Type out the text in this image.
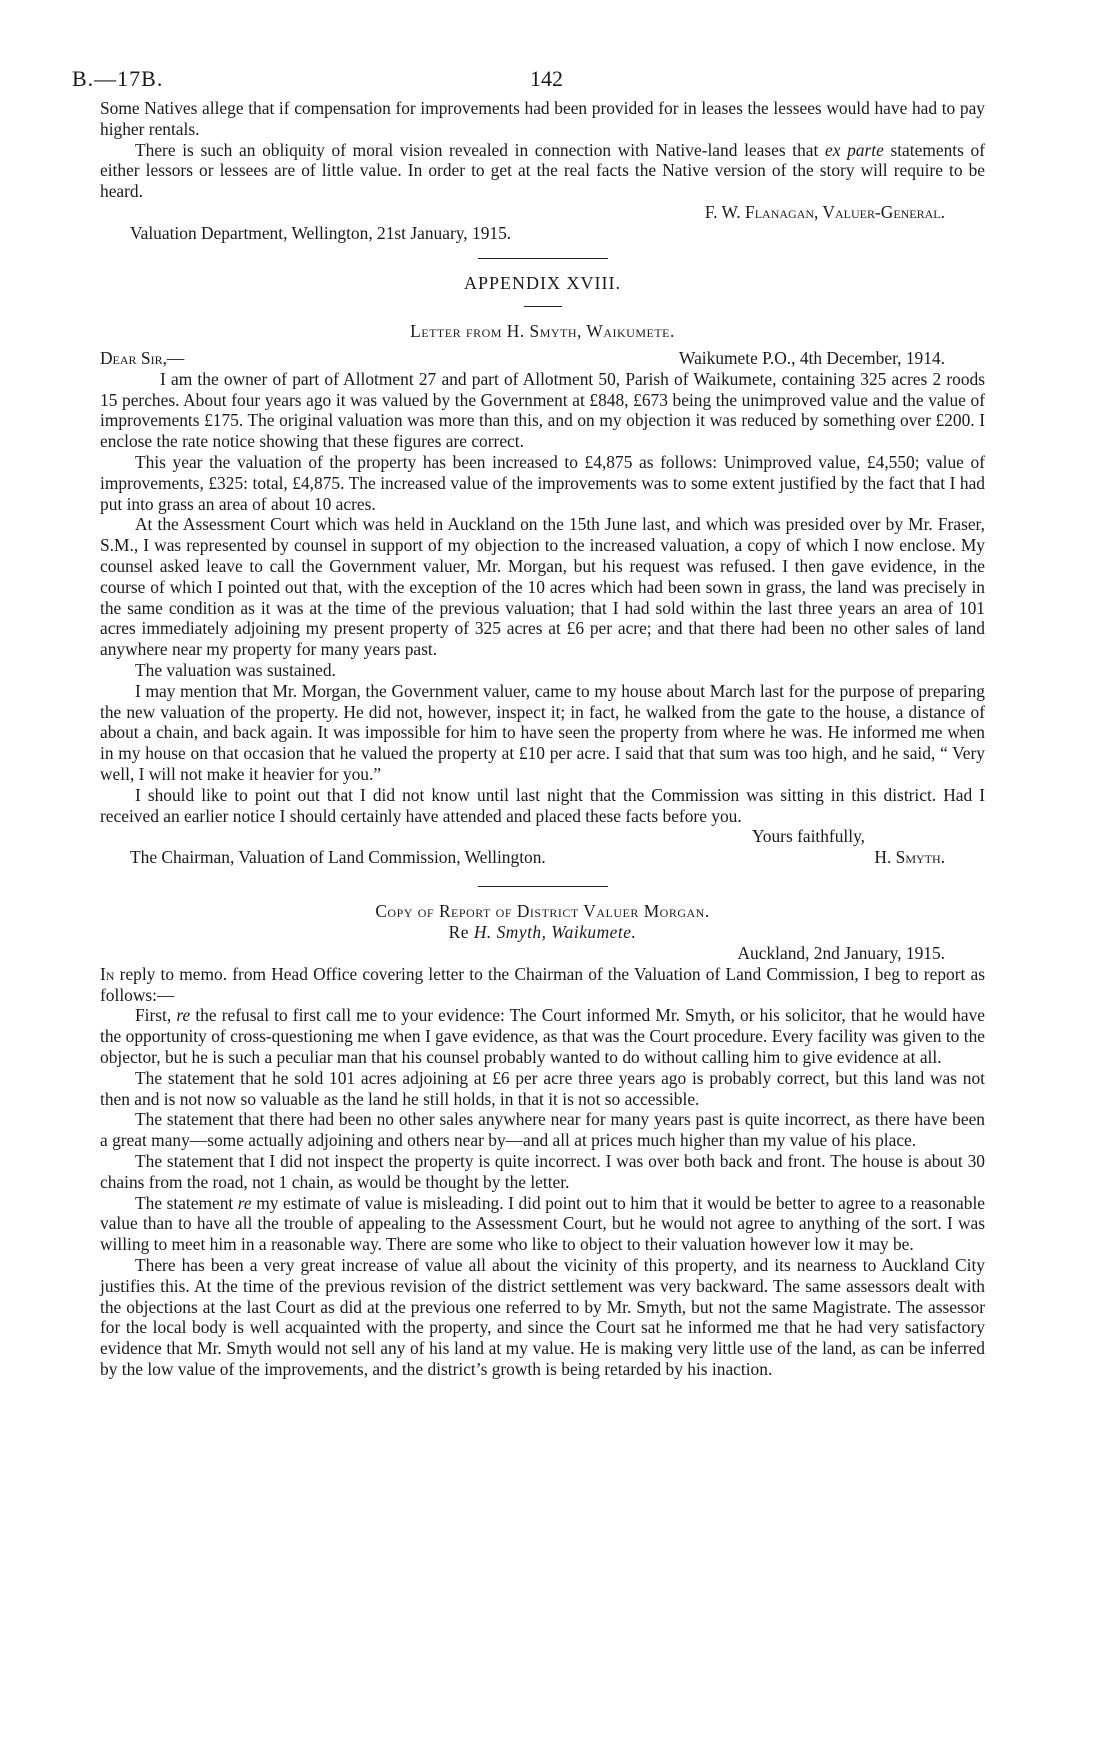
B.—17B.	142

Some Natives allege that if compensation for improvements had been provided for in leases the lessees would have had to pay higher rentals.

There is such an obliquity of moral vision revealed in connection with Native-land leases that ex parte statements of either lessors or lessees are of little value. In order to get at the real facts the Native version of the story will require to be heard.

F. W. Flanagan, Valuer-General.

Valuation Department, Wellington, 21st January, 1915.

APPENDIX XVIII.
Letter from H. Smyth, Waikumete.
Dear Sir,—	Waikumete P.O., 4th December, 1914.

I am the owner of part of Allotment 27 and part of Allotment 50, Parish of Waikumete, containing 325 acres 2 roods 15 perches. About four years ago it was valued by the Government at £848, £673 being the unimproved value and the value of improvements £175. The original valuation was more than this, and on my objection it was reduced by something over £200. I enclose the rate notice showing that these figures are correct.

This year the valuation of the property has been increased to £4,875 as follows: Unimproved value, £4,550; value of improvements, £325: total, £4,875. The increased value of the improvements was to some extent justified by the fact that I had put into grass an area of about 10 acres.

At the Assessment Court which was held in Auckland on the 15th June last, and which was presided over by Mr. Fraser, S.M., I was represented by counsel in support of my objection to the increased valuation, a copy of which I now enclose. My counsel asked leave to call the Government valuer, Mr. Morgan, but his request was refused. I then gave evidence, in the course of which I pointed out that, with the exception of the 10 acres which had been sown in grass, the land was precisely in the same condition as it was at the time of the previous valuation; that I had sold within the last three years an area of 101 acres immediately adjoining my present property of 325 acres at £6 per acre; and that there had been no other sales of land anywhere near my property for many years past.

The valuation was sustained.

I may mention that Mr. Morgan, the Government valuer, came to my house about March last for the purpose of preparing the new valuation of the property. He did not, however, inspect it; in fact, he walked from the gate to the house, a distance of about a chain, and back again. It was impossible for him to have seen the property from where he was. He informed me when in my house on that occasion that he valued the property at £10 per acre. I said that that sum was too high, and he said, “ Very well, I will not make it heavier for you.”

I should like to point out that I did not know until last night that the Commission was sitting in this district. Had I received an earlier notice I should certainly have attended and placed these facts before you.

Yours faithfully,

The Chairman, Valuation of Land Commission, Wellington.	H. Smyth.
Copy of Report of District Valuer Morgan.
Re H. Smyth, Waikumete.

Auckland, 2nd January, 1915.

In reply to memo. from Head Office covering letter to the Chairman of the Valuation of Land Commission, I beg to report as follows:—

First, re the refusal to first call me to your evidence: The Court informed Mr. Smyth, or his solicitor, that he would have the opportunity of cross-questioning me when I gave evidence, as that was the Court procedure. Every facility was given to the objector, but he is such a peculiar man that his counsel probably wanted to do without calling him to give evidence at all.

The statement that he sold 101 acres adjoining at £6 per acre three years ago is probably correct, but this land was not then and is not now so valuable as the land he still holds, in that it is not so accessible.

The statement that there had been no other sales anywhere near for many years past is quite incorrect, as there have been a great many—some actually adjoining and others near by—and all at prices much higher than my value of his place.

The statement that I did not inspect the property is quite incorrect. I was over both back and front. The house is about 30 chains from the road, not 1 chain, as would be thought by the letter.

The statement re my estimate of value is misleading. I did point out to him that it would be better to agree to a reasonable value than to have all the trouble of appealing to the Assessment Court, but he would not agree to anything of the sort. I was willing to meet him in a reasonable way. There are some who like to object to their valuation however low it may be.

There has been a very great increase of value all about the vicinity of this property, and its nearness to Auckland City justifies this. At the time of the previous revision of the district settlement was very backward. The same assessors dealt with the objections at the last Court as did at the previous one referred to by Mr. Smyth, but not the same Magistrate. The assessor for the local body is well acquainted with the property, and since the Court sat he informed me that he had very satisfactory evidence that Mr. Smyth would not sell any of his land at my value. He is making very little use of the land, as can be inferred by the low value of the improvements, and the district’s growth is being retarded by his inaction.
